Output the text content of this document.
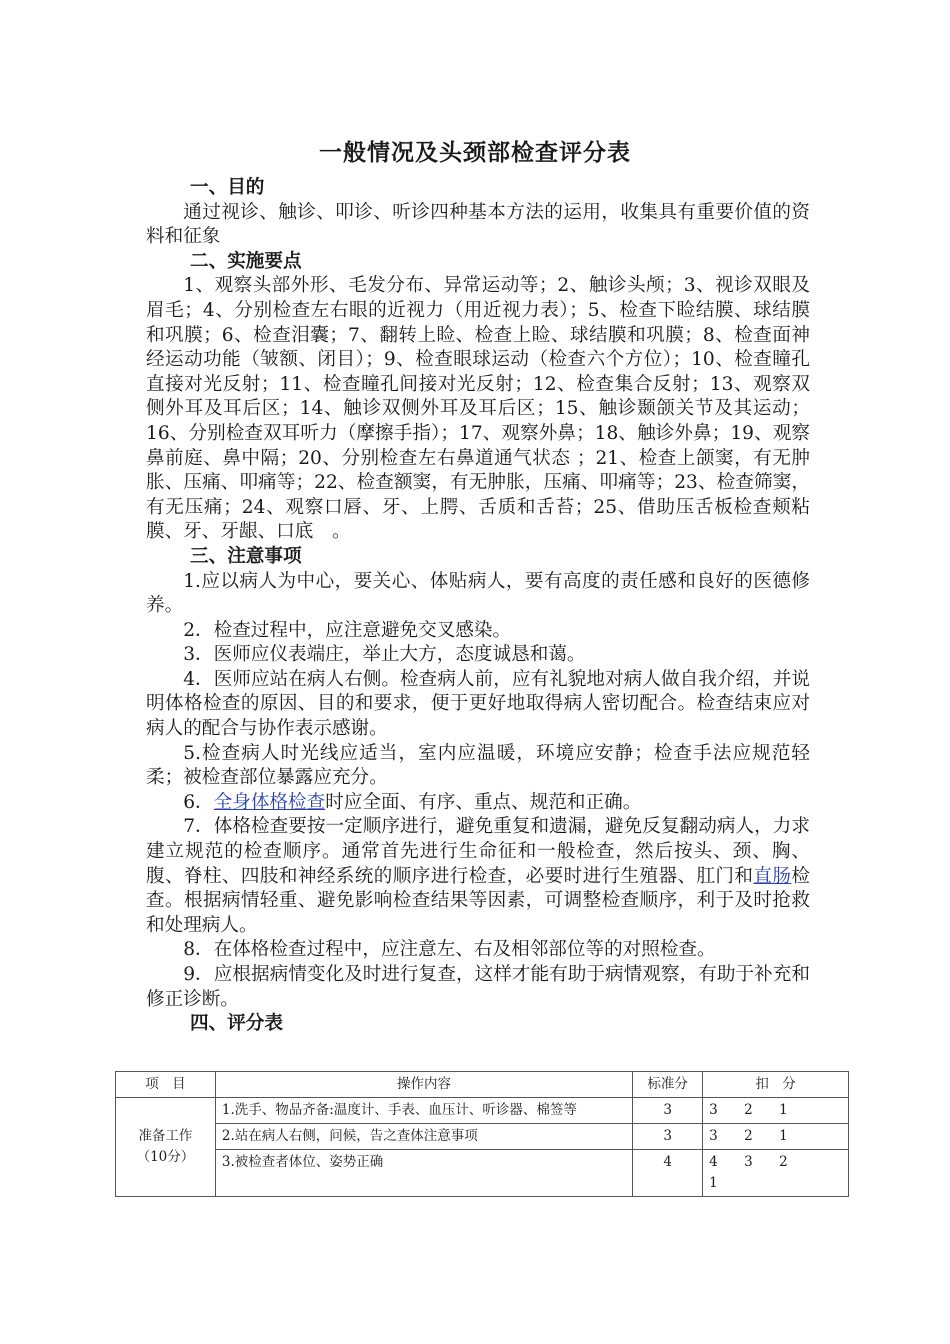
一般情况及头颈部检查评分表

一、目的

通过视诊、触诊、叩诊、听诊四种基本方法的运用，收集具有重要价值的资料和征象

二、实施要点

1、观察头部外形、毛发分布、异常运动等；2、触诊头颅；3、视诊双眼及眉毛；4、分别检查左右眼的近视力（用近视力表）；5、检查下睑结膜、球结膜和巩膜；6、检查泪囊；7、翻转上睑、检查上睑、球结膜和巩膜；8、检查面神经运动功能（皱额、闭目）；9、检查眼球运动（检查六个方位）；10、检查瞳孔直接对光反射；11、检查瞳孔间接对光反射；12、检查集合反射；13、观察双侧外耳及耳后区；14、触诊双侧外耳及耳后区；15、触诊颞颌关节及其运动；16、分别检查双耳听力（摩擦手指）；17、观察外鼻；18、触诊外鼻；19、观察鼻前庭、鼻中隔；20、分别检查左右鼻道通气状态 ；21、检查上颌窦，有无肿胀、压痛、叩痛等；22、检查额窦，有无肿胀，压痛、叩痛等；23、检查筛窦，有无压痛；24、观察口唇、牙、上腭、舌质和舌苔；25、借助压舌板检查颊粘膜、牙、牙龈、口底　。

三、注意事项

1.应以病人为中心，要关心、体贴病人，要有高度的责任感和良好的医德修养。

2．检查过程中，应注意避免交叉感染。

3．医师应仪表端庄，举止大方，态度诚恳和蔼。

4．医师应站在病人右侧。检查病人前，应有礼貌地对病人做自我介绍，并说明体格检查的原因、目的和要求，便于更好地取得病人密切配合。检查结束应对病人的配合与协作表示感谢。

5.检查病人时光线应适当，室内应温暖，环境应安静；检查手法应规范轻柔；被检查部位暴露应充分。

6．全身体格检查时应全面、有序、重点、规范和正确。

7．体格检查要按一定顺序进行，避免重复和遗漏，避免反复翻动病人，力求建立规范的检查顺序。通常首先进行生命征和一般检查，然后按头、颈、胸、腹、脊柱、四肢和神经系统的顺序进行检查，必要时进行生殖器、肛门和直肠检查。根据病情轻重、避免影响检查结果等因素，可调整检查顺序，利于及时抢救和处理病人。

8．在体格检查过程中，应注意左、右及相邻部位等的对照检查。

9．应根据病情变化及时进行复查，这样才能有助于病情观察，有助于补充和修正诊断。

四、评分表

项　目	操作内容	标准分	扣　分

准备工作
（10分）	1.洗手、物品齐备:温度计、手表、血压计、听诊器、棉签等	3	3 2 1
	2.站在病人右侧，问候，告之查体注意事项	3	3 2 1
	3.被检查者体位、姿势正确	4	4 3 21
